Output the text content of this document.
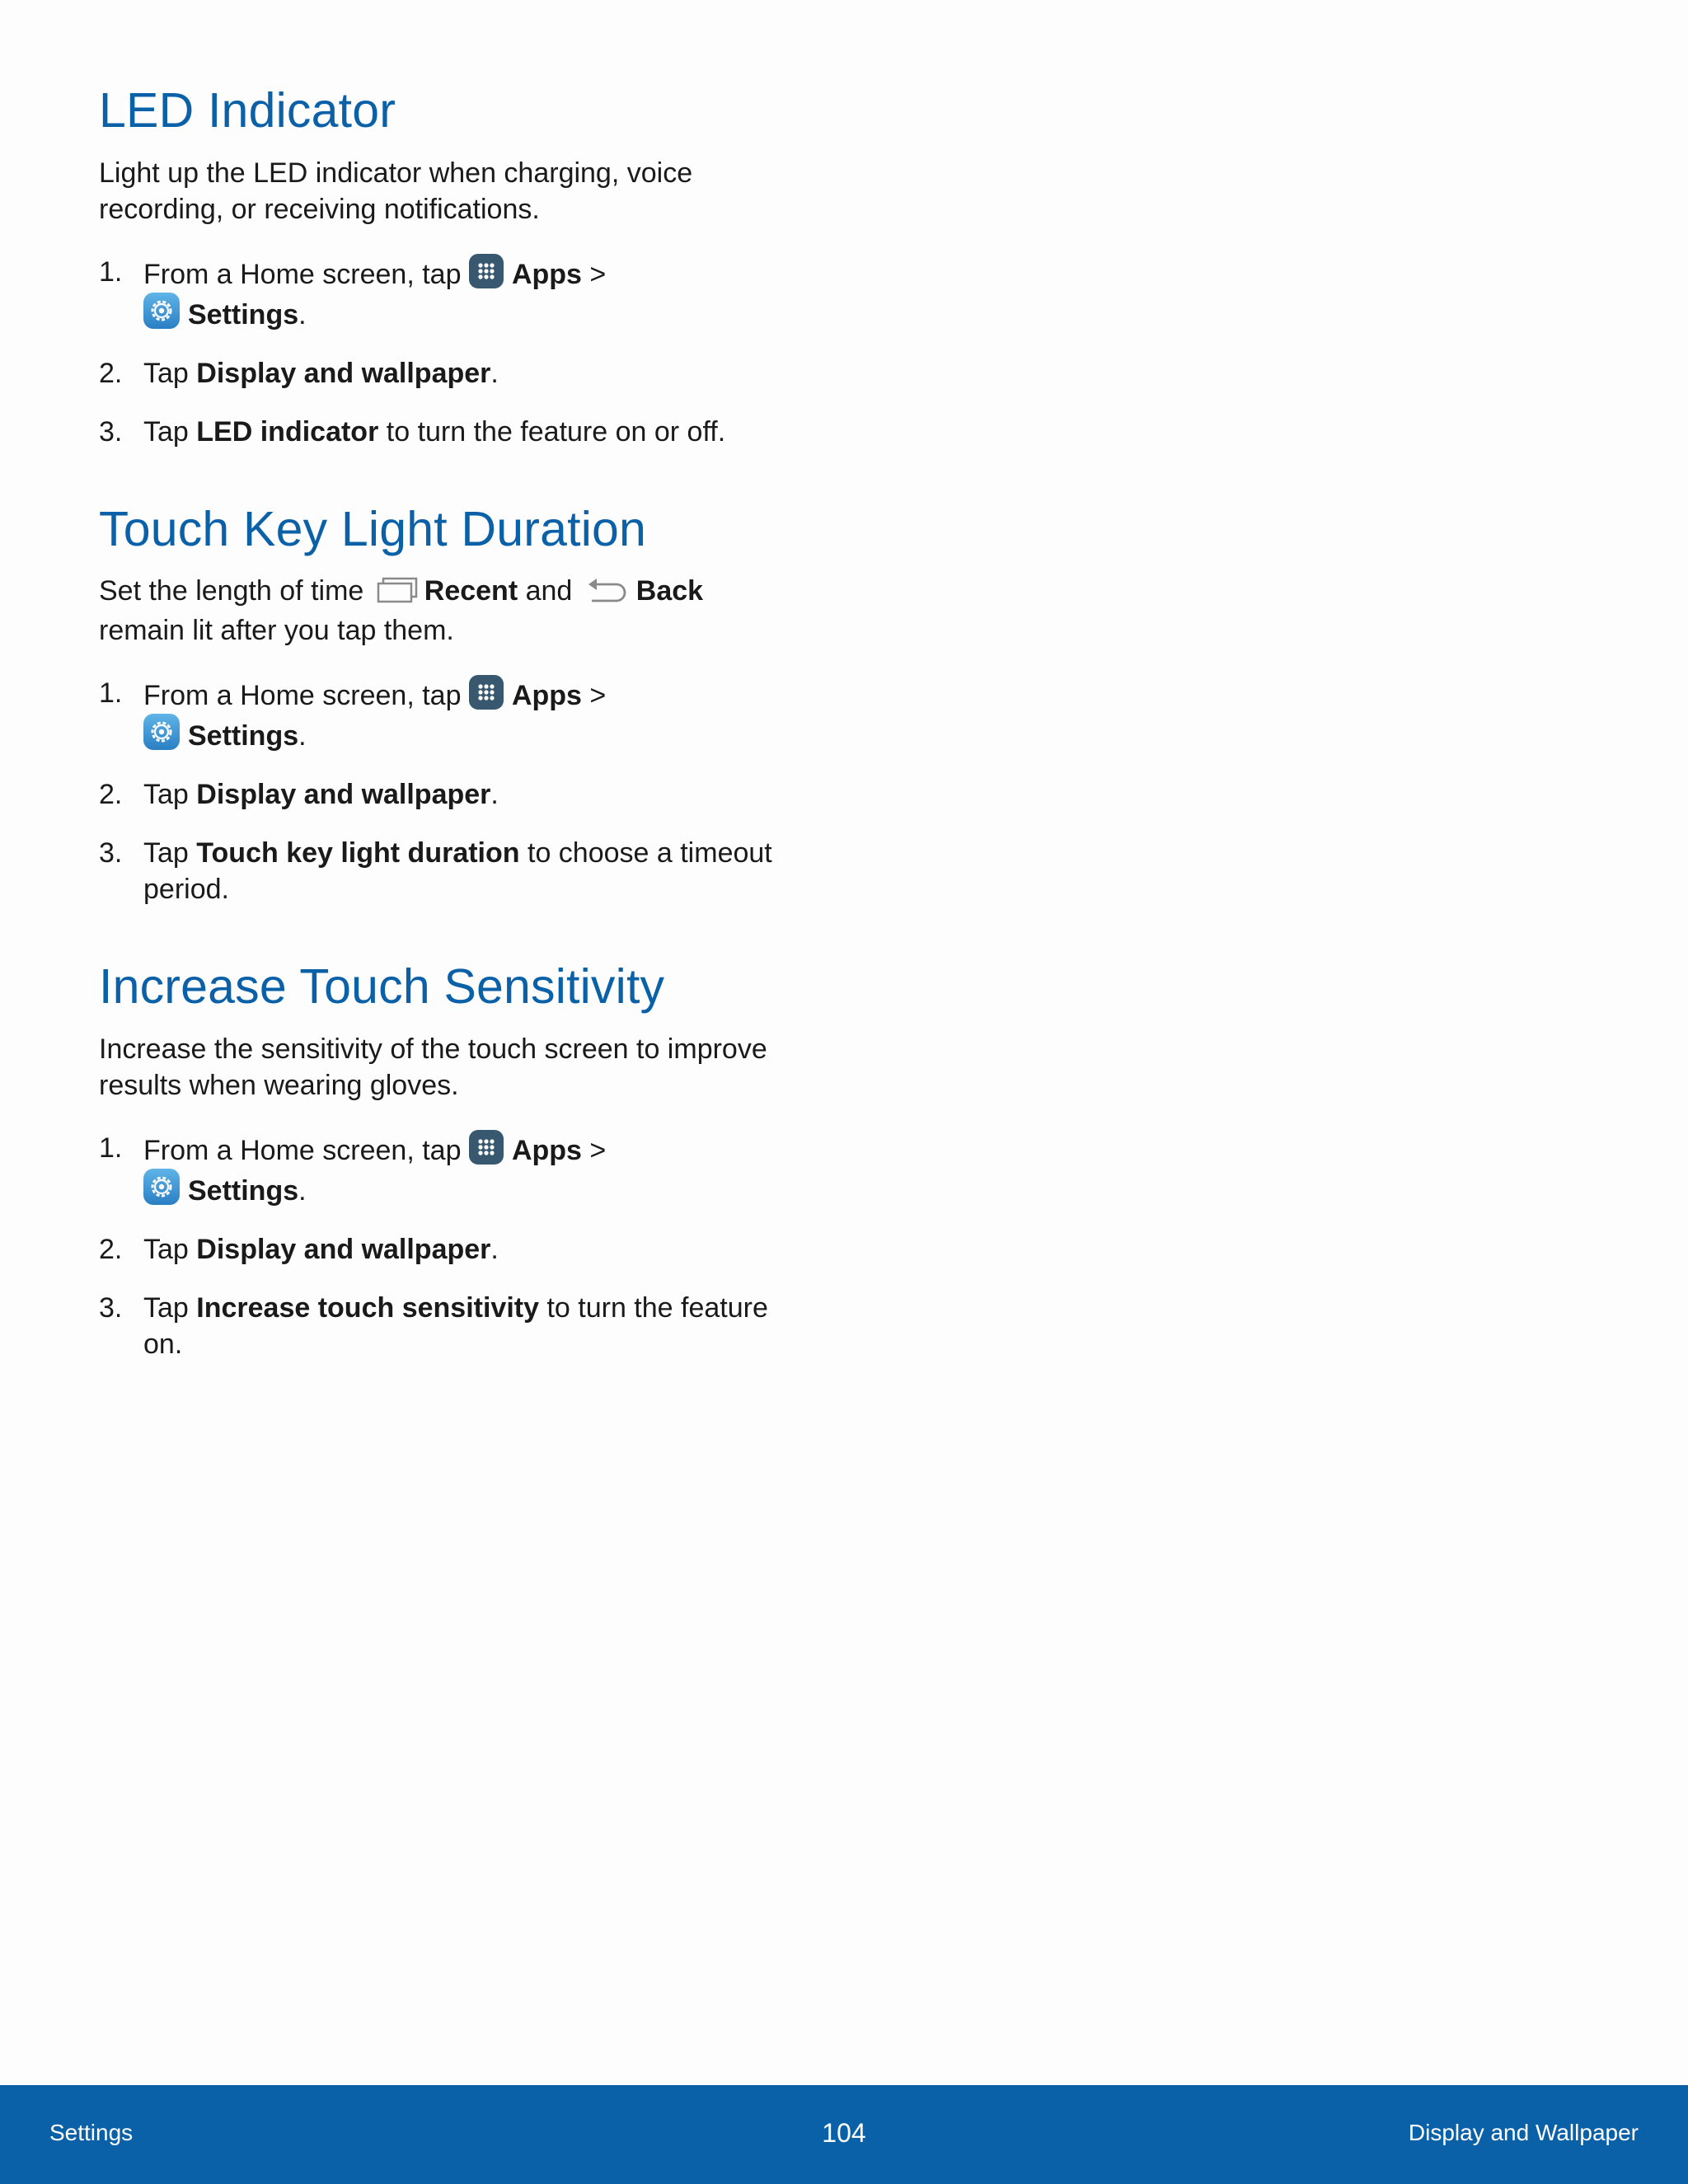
LED Indicator

Light up the LED indicator when charging, voice recording, or receiving notifications.

1. From a Home screen, tap Apps >

Settings.
2. Tap Display and wallpaper.
3. Tap LED indicator to turn the feature on or off.
Touch Key Light Duration

Set the length of time Recent and Back
remain lit after you tap them.

1. From a Home screen, tap Apps >

Settings.
2. Tap Display and wallpaper.
3. Tap Touch key light duration to choose a timeout period.
Increase Touch Sensitivity

Increase the sensitivity of the touch screen to improve results when wearing gloves.

1. From a Home screen, tap Apps >

Settings.
2. Tap Display and wallpaper.
3. Tap Increase touch sensitivity to turn the feature on.
Settings	104	Display and Wallpaper
